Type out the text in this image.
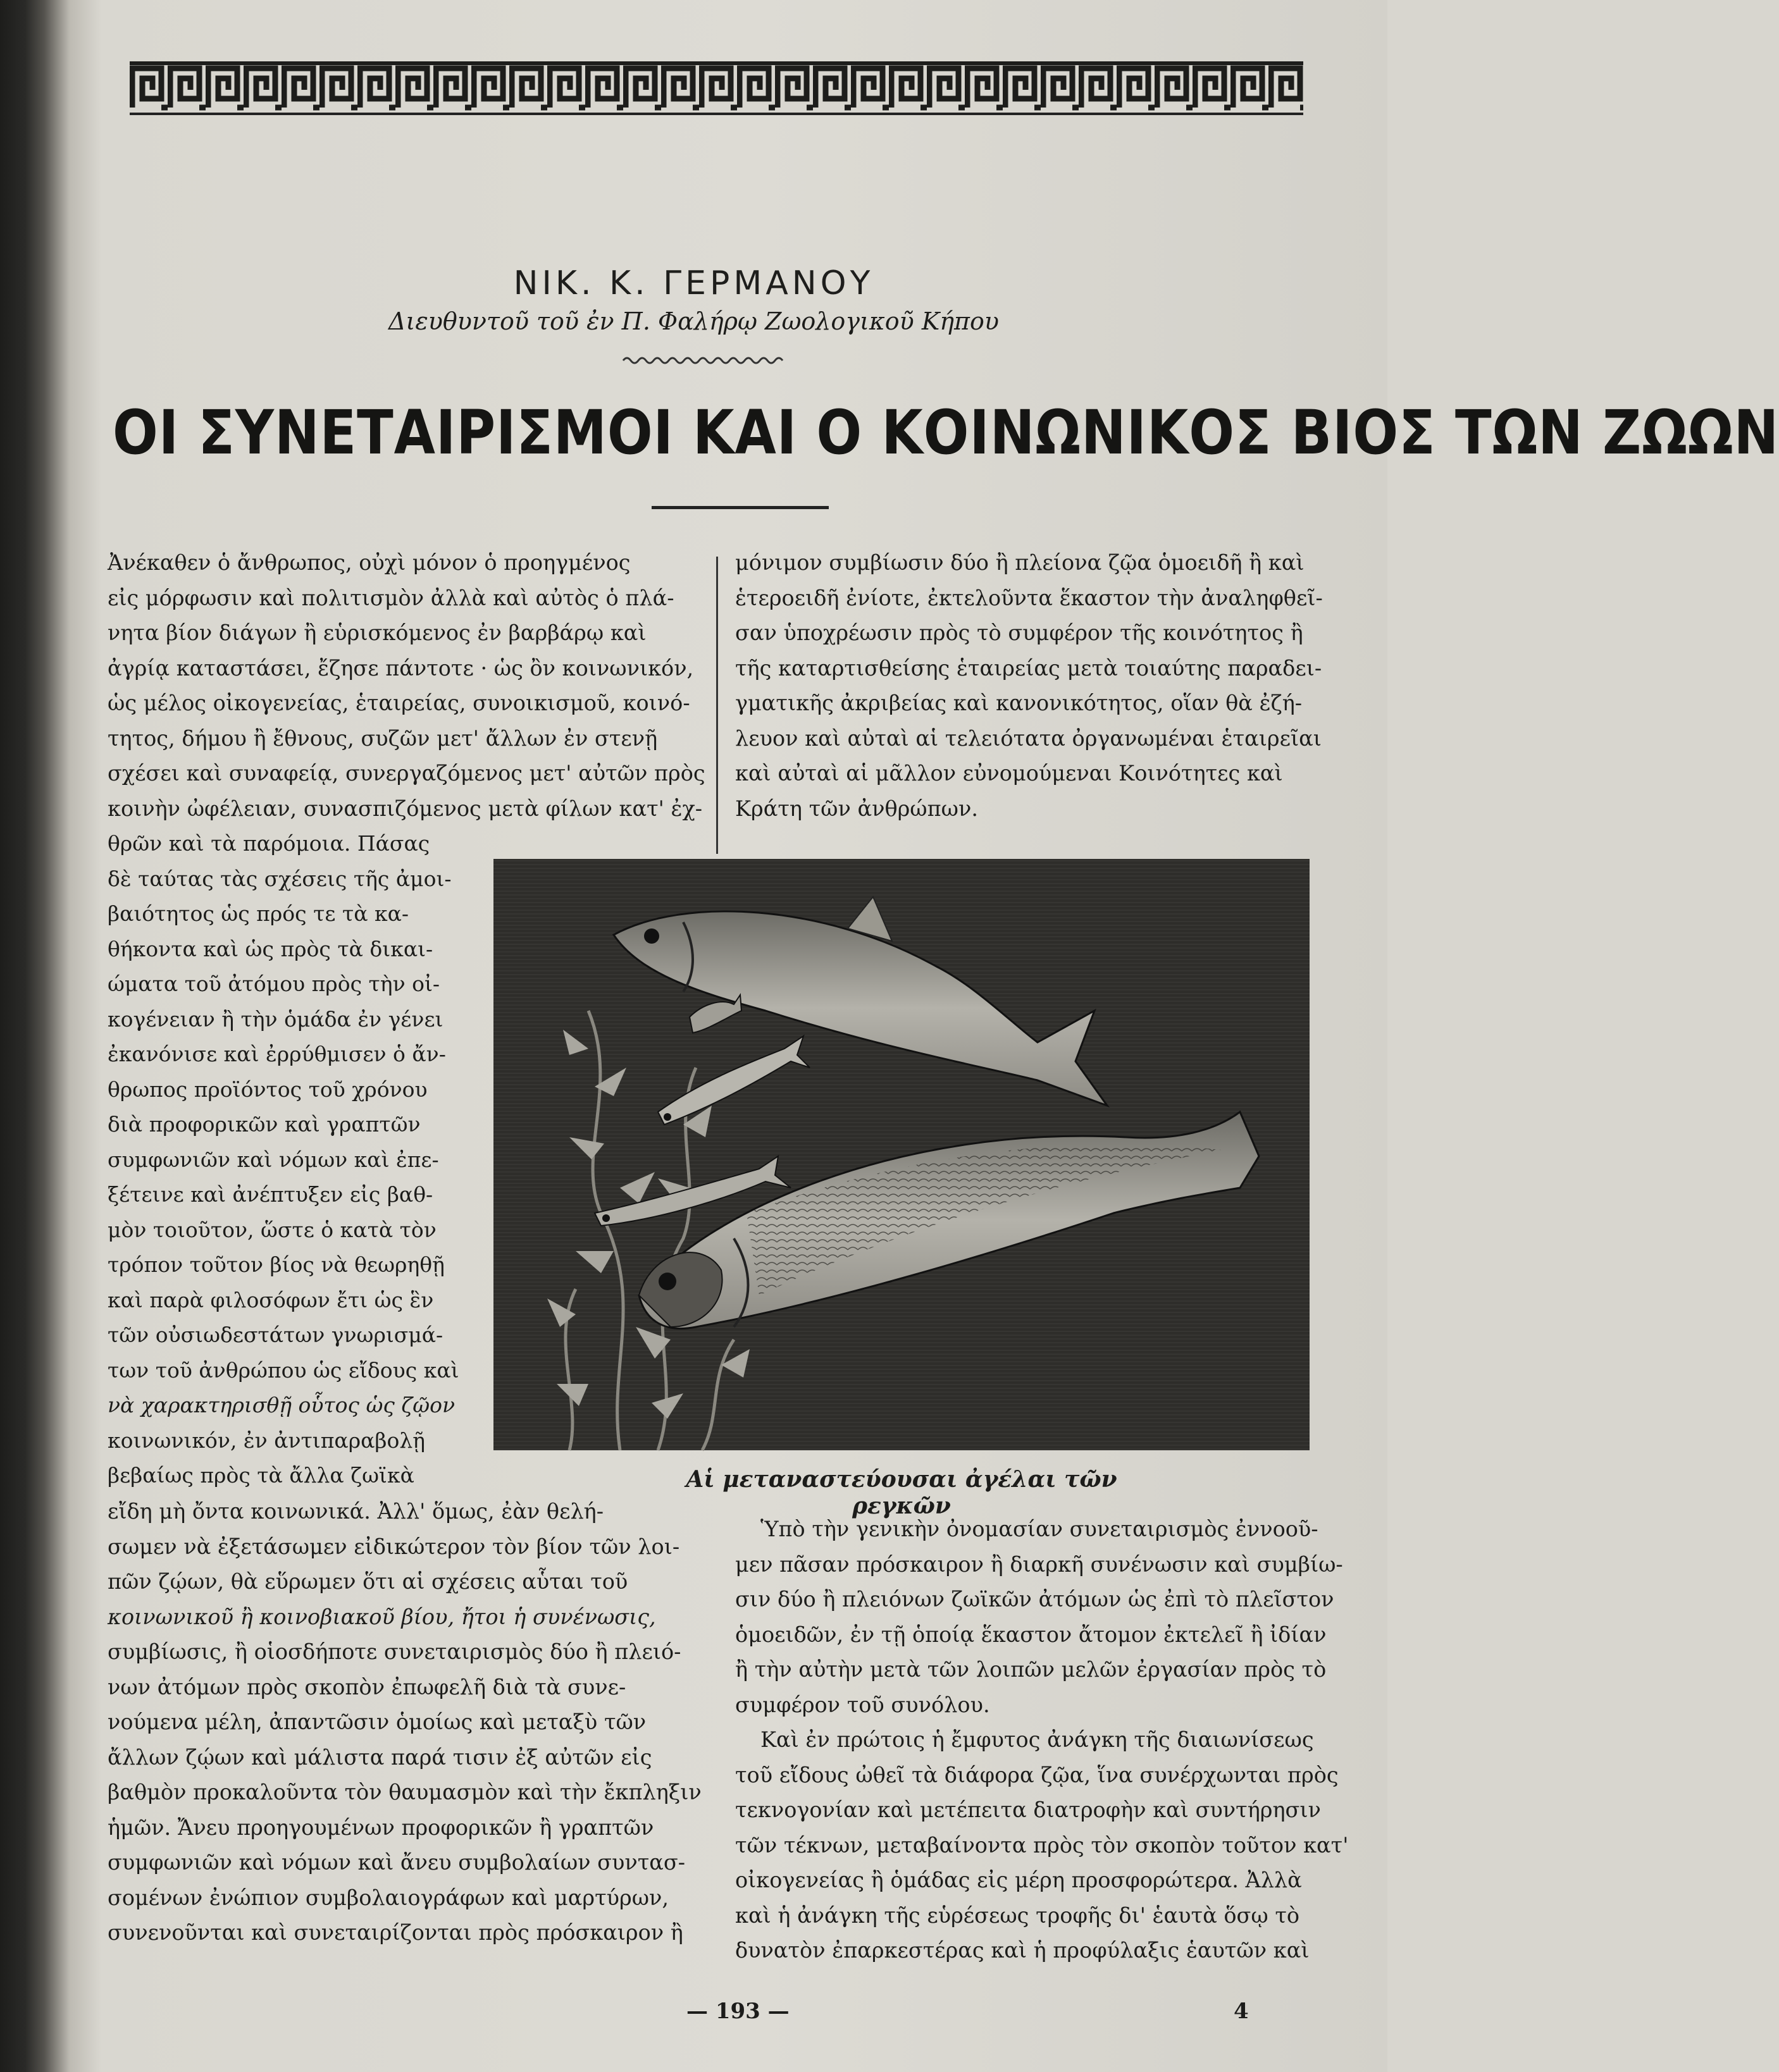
ΝΙΚ. Κ. ΓΕΡΜΑΝΟΥ
Διευθυντοῦ τοῦ ἐν Π. Φαλήρῳ Ζωολογικοῦ Κήπου
ΟΙ ΣΥΝΕΤΑΙΡΙΣΜΟΙ ΚΑΙ Ο ΚΟΙΝΩΝΙΚΟΣ ΒΙΟΣ ΤΩΝ ΖΩΩΝ
Ἀνέκαθεν ὁ ἄνθρωπος, οὐχὶ μόνον ὁ προηγμένος
εἰς μόρφωσιν καὶ πολιτισμὸν ἀλλὰ καὶ αὐτὸς ὁ πλά-
νητα βίον διάγων ἢ εὑρισκόμενος ἐν βαρβάρῳ καὶ
ἀγρίᾳ καταστάσει, ἔζησε πάντοτε · ὡς ὂν κοινωνικόν,
ὡς μέλος οἰκογενείας, ἑταιρείας, συνοικισμοῦ, κοινό-
τητος, δήμου ἢ ἔθνους, συζῶν μετ' ἄλλων ἐν στενῇ
σχέσει καὶ συναφείᾳ, συνεργαζόμενος μετ' αὐτῶν πρὸς
κοινὴν ὠφέλειαν, συνασπιζόμενος μετὰ φίλων κατ' ἐχ-
μόνιμον συμβίωσιν δύο ἢ πλείονα ζῷα ὁμοειδῆ ἢ καὶ
ἑτεροειδῆ ἐνίοτε, ἐκτελοῦντα ἕκαστον τὴν ἀναληφθεῖ-
σαν ὑποχρέωσιν πρὸς τὸ συμφέρον τῆς κοινότητος ἢ
τῆς καταρτισθείσης ἑταιρείας μετὰ τοιαύτης παραδει-
γματικῆς ἀκριβείας καὶ κανονικότητος, οἵαν θὰ ἐζή-
λευον καὶ αὐταὶ αἱ τελειότατα ὀργανωμέναι ἑταιρεῖαι
καὶ αὐταὶ αἱ μᾶλλον εὐνομούμεναι Κοινότητες καὶ
Κράτη τῶν ἀνθρώπων.
θρῶν καὶ τὰ παρόμοια. Πάσας
δὲ ταύτας τὰς σχέσεις τῆς ἀμοι-
βαιότητος ὡς πρός τε τὰ κα-
θήκοντα καὶ ὡς πρὸς τὰ δικαι-
ώματα τοῦ ἀτόμου πρὸς τὴν οἰ-
κογένειαν ἢ τὴν ὁμάδα ἐν γένει
ἐκανόνισε καὶ ἐρρύθμισεν ὁ ἄν-
θρωπος προϊόντος τοῦ χρόνου
διὰ προφορικῶν καὶ γραπτῶν
συμφωνιῶν καὶ νόμων καὶ ἐπε-
ξέτεινε καὶ ἀνέπτυξεν εἰς βαθ-
μὸν τοιοῦτον, ὥστε ὁ κατὰ τὸν
τρόπον τοῦτον βίος νὰ θεωρηθῇ
καὶ παρὰ φιλοσόφων ἔτι ὡς ἓν
τῶν οὐσιωδεστάτων γνωρισμά-
των τοῦ ἀνθρώπου ὡς εἴδους καὶ
νὰ χαρακτηρισθῇ οὗτος ὡς ζῷον
κοινωνικόν, ἐν ἀντιπαραβολῇ
βεβαίως πρὸς τὰ ἄλλα ζωϊκὰ	Αἱ μεταναστεύουσαι ἀγέλαι τῶν ρεγκῶν
εἴδη μὴ ὄντα κοινωνικά. Ἀλλ' ὅμως, ἐὰν θελή-
σωμεν νὰ ἐξετάσωμεν εἰδικώτερον τὸν βίον τῶν λοι-
πῶν ζῴων, θὰ εὕρωμεν ὅτι αἱ σχέσεις αὗται τοῦ
κοινωνικοῦ ἢ κοινοβιακοῦ βίου, ἤτοι ἡ συνένωσις,
συμβίωσις, ἢ οἱοσδήποτε συνεταιρισμὸς δύο ἢ πλειό-
νων ἀτόμων πρὸς σκοπὸν ἐπωφελῆ διὰ τὰ συνε-
νούμενα μέλη, ἀπαντῶσιν ὁμοίως καὶ μεταξὺ τῶν
ἄλλων ζῴων καὶ μάλιστα παρά τισιν ἐξ αὐτῶν εἰς
βαθμὸν προκαλοῦντα τὸν θαυμασμὸν καὶ τὴν ἔκπληξιν
ἡμῶν. Ἄνευ προηγουμένων προφορικῶν ἢ γραπτῶν
συμφωνιῶν καὶ νόμων καὶ ἄνευ συμβολαίων συντασ-
σομένων ἐνώπιον συμβολαιογράφων καὶ μαρτύρων,
συνενοῦνται καὶ συνεταιρίζονται πρὸς πρόσκαιρον ἢ
Ὑπὸ τὴν γενικὴν ὀνομασίαν συνεταιρισμὸς ἐννοοῦ-
μεν πᾶσαν πρόσκαιρον ἢ διαρκῆ συνένωσιν καὶ συμβίω-
σιν δύο ἢ πλειόνων ζωϊκῶν ἀτόμων ὡς ἐπὶ τὸ πλεῖστον
ὁμοειδῶν, ἐν τῇ ὁποίᾳ ἕκαστον ἄτομον ἐκτελεῖ ἢ ἰδίαν
ἢ τὴν αὐτὴν μετὰ τῶν λοιπῶν μελῶν ἐργασίαν πρὸς τὸ
συμφέρον τοῦ συνόλου.
Καὶ ἐν πρώτοις ἡ ἔμφυτος ἀνάγκη τῆς διαιωνίσεως
τοῦ εἴδους ὠθεῖ τὰ διάφορα ζῷα, ἵνα συνέρχωνται πρὸς
τεκνογονίαν καὶ μετέπειτα διατροφὴν καὶ συντήρησιν
τῶν τέκνων, μεταβαίνοντα πρὸς τὸν σκοπὸν τοῦτον κατ'
οἰκογενείας ἢ ὁμάδας εἰς μέρη προσφορώτερα. Ἀλλὰ
καὶ ἡ ἀνάγκη τῆς εὑρέσεως τροφῆς δι' ἑαυτὰ ὅσῳ τὸ
δυνατὸν ἐπαρκεστέρας καὶ ἡ προφύλαξις ἑαυτῶν καὶ
— 193 —	4
